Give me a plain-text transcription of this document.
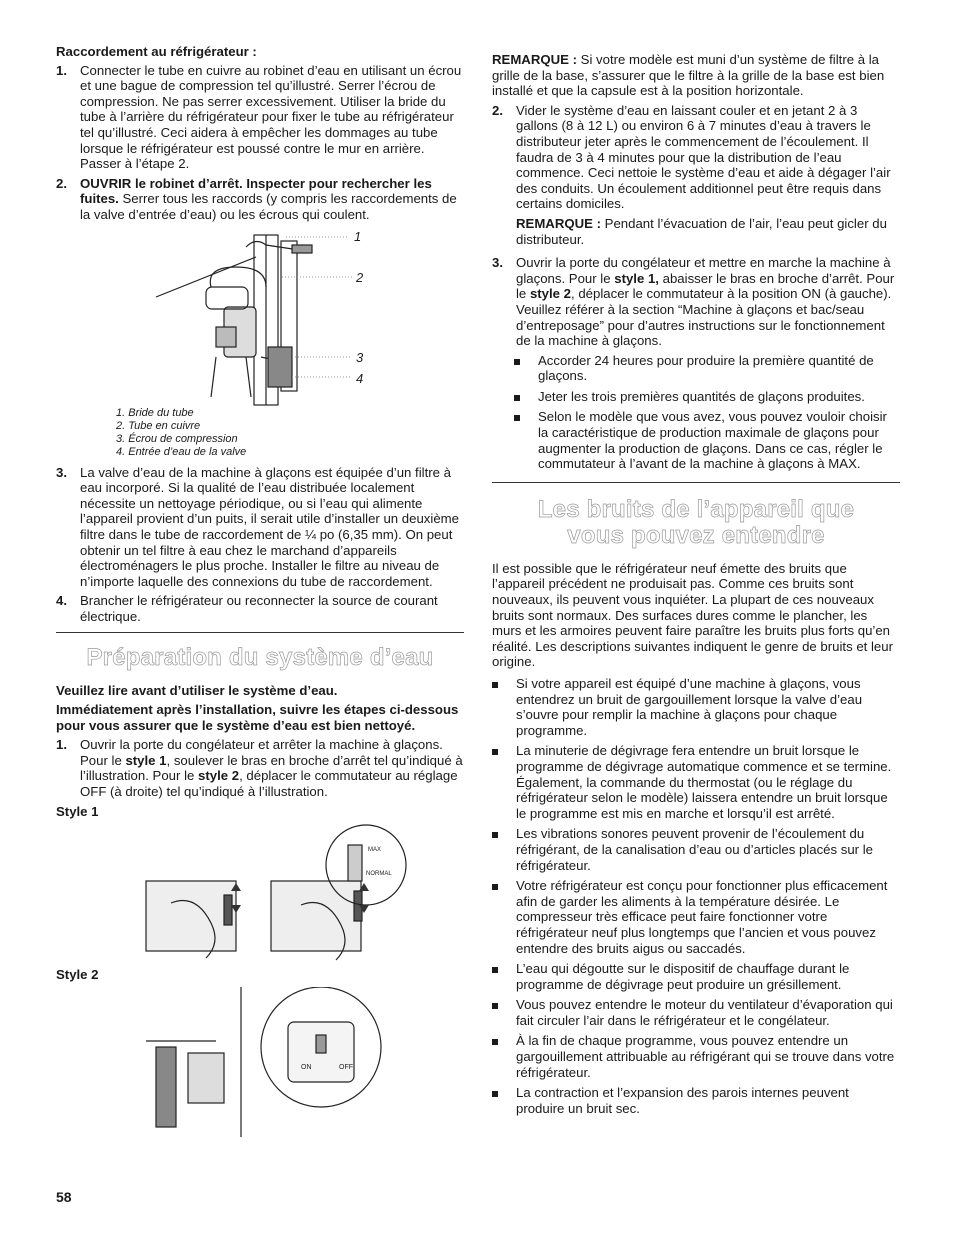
Raccordement au réfrigérateur :

1. Connecter le tube en cuivre au robinet d’eau en utilisant un écrou et une bague de compression tel qu’illustré. Serrer l’écrou de compression. Ne pas serrer excessivement. Utiliser la bride du tube à l’arrière du réfrigérateur pour fixer le tube au réfrigérateur tel qu’illustré. Ceci aidera à empêcher les dommages au tube lorsque le réfrigérateur est poussé contre le mur en arrière. Passer à l’étape 2.
2. OUVRIR le robinet d’arrêt. Inspecter pour rechercher les fuites. Serrer tous les raccords (y compris les raccordements de la valve d’entrée d’eau) ou les écrous qui coulent.
1
2
3
4
1. Bride du tube
2. Tube en cuivre
3. Écrou de compression
4. Entrée d’eau de la valve
3. La valve d’eau de la machine à glaçons est équipée d’un filtre à eau incorporé. Si la qualité de l’eau distribuée localement nécessite un nettoyage périodique, ou si l’eau qui alimente l’appareil provient d’un puits, il serait utile d’installer un deuxième filtre dans le tube de raccordement de ¼ po (6,35 mm). On peut obtenir un tel filtre à eau chez le marchand d’appareils électroménagers le plus proche. Installer le filtre au niveau de n’importe laquelle des connexions du tube de raccordement.
4. Brancher le réfrigérateur ou reconnecter la source de courant électrique.
Préparation du système d’eau

Veuillez lire avant d’utiliser le système d’eau.

Immédiatement après l’installation, suivre les étapes ci-dessous pour vous assurer que le système d’eau est bien nettoyé.

1. Ouvrir la porte du congélateur et arrêter la machine à glaçons. Pour le style 1, soulever le bras en broche d’arrêt tel qu’indiqué à l’illustration. Pour le style 2, déplacer le commutateur au réglage OFF (à droite) tel qu’indiqué à l’illustration.

Style 1

MAX
NORMAL

Style 2

ON	OFF

REMARQUE : Si votre modèle est muni d’un système de filtre à la grille de la base, s’assurer que le filtre à la grille de la base est bien installé et que la capsule est à la position horizontale.

2. Vider le système d’eau en laissant couler et en jetant 2 à 3 gallons (8 à 12 L) ou environ 6 à 7 minutes d’eau à travers le distributeur jeter après le commencement de l’écoulement. Il faudra de 3 à 4 minutes pour que la distribution de l’eau commence. Ceci nettoie le système d’eau et aide à dégager l’air des conduits. Un écoulement additionnel peut être requis dans certains domiciles.

REMARQUE : Pendant l’évacuation de l’air, l’eau peut gicler du distributeur.

3. Ouvrir la porte du congélateur et mettre en marche la machine à glaçons. Pour le style 1, abaisser le bras en broche d’arrêt. Pour le style 2, déplacer le commutateur à la position ON (à gauche). Veuillez référer à la section “Machine à glaçons et bac/seau d’entreposage” pour d’autres instructions sur le fonctionnement de la machine à glaçons.
Accorder 24 heures pour produire la première quantité de glaçons.
Jeter les trois premières quantités de glaçons produites.
Selon le modèle que vous avez, vous pouvez vouloir choisir la caractéristique de production maximale de glaçons pour augmenter la production de glaçons. Dans ce cas, régler le commutateur à l’avant de la machine à glaçons à MAX.
Les bruits de l’appareil que vous pouvez entendre

Il est possible que le réfrigérateur neuf émette des bruits que l’appareil précédent ne produisait pas. Comme ces bruits sont nouveaux, ils peuvent vous inquiéter. La plupart de ces nouveaux bruits sont normaux. Des surfaces dures comme le plancher, les murs et les armoires peuvent faire paraître les bruits plus forts qu’en réalité. Les descriptions suivantes indiquent le genre de bruits et leur origine.

Si votre appareil est équipé d’une machine à glaçons, vous entendrez un bruit de gargouillement lorsque la valve d’eau s’ouvre pour remplir la machine à glaçons pour chaque programme.
La minuterie de dégivrage fera entendre un bruit lorsque le programme de dégivrage automatique commence et se termine. Également, la commande du thermostat (ou le réglage du réfrigérateur selon le modèle) laissera entendre un bruit lorsque le programme est mis en marche et lorsqu’il est arrêté.
Les vibrations sonores peuvent provenir de l’écoulement du réfrigérant, de la canalisation d’eau ou d’articles placés sur le réfrigérateur.
Votre réfrigérateur est conçu pour fonctionner plus efficacement afin de garder les aliments à la température désirée. Le compresseur très efficace peut faire fonctionner votre réfrigérateur neuf plus longtemps que l’ancien et vous pouvez entendre des bruits aigus ou saccadés.
L’eau qui dégoutte sur le dispositif de chauffage durant le programme de dégivrage peut produire un grésillement.
Vous pouvez entendre le moteur du ventilateur d’évaporation qui fait circuler l’air dans le réfrigérateur et le congélateur.
À la fin de chaque programme, vous pouvez entendre un gargouillement attribuable au réfrigérant qui se trouve dans votre réfrigérateur.
La contraction et l’expansion des parois internes peuvent produire un bruit sec.
58
